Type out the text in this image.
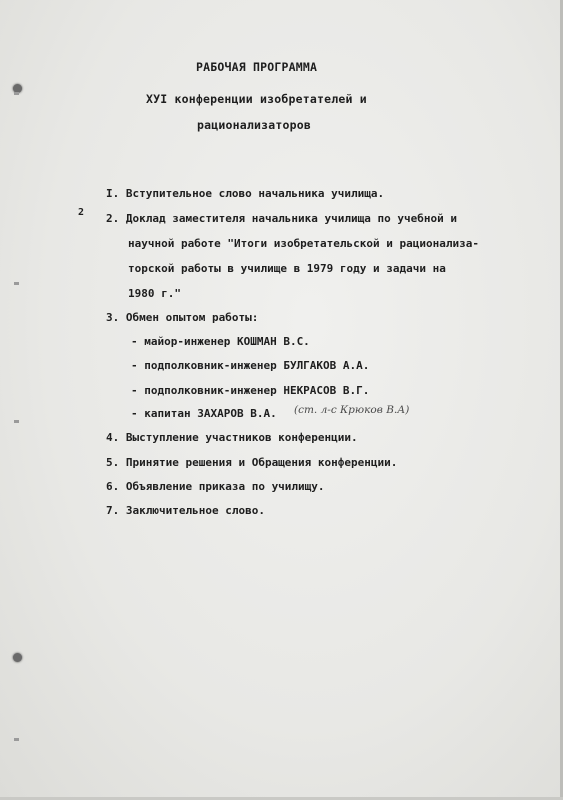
РАБОЧАЯ ПРОГРАММА
ХУI конференции изобретателей и
рационализаторов
I. Вступительное слово начальника училища.
2 2. Доклад заместителя начальника училища по учебной и
научной работе "Итоги изобретательской и рационализа-
торской работы в училище в 1979 году и задачи на
1980 г."
3. Обмен опытом работы:
- майор-инженер КОШМАН В.С.
- подполковник-инженер БУЛГАКОВ А.А.
- подполковник-инженер НЕКРАСОВ В.Г.
- капитан ЗАХАРОВ В.А. (ст. л-с Крюков В.А)
4. Выступление участников конференции.
5. Принятие решения и Обращения конференции.
6. Объявление приказа по училищу.
7. Заключительное слово.
